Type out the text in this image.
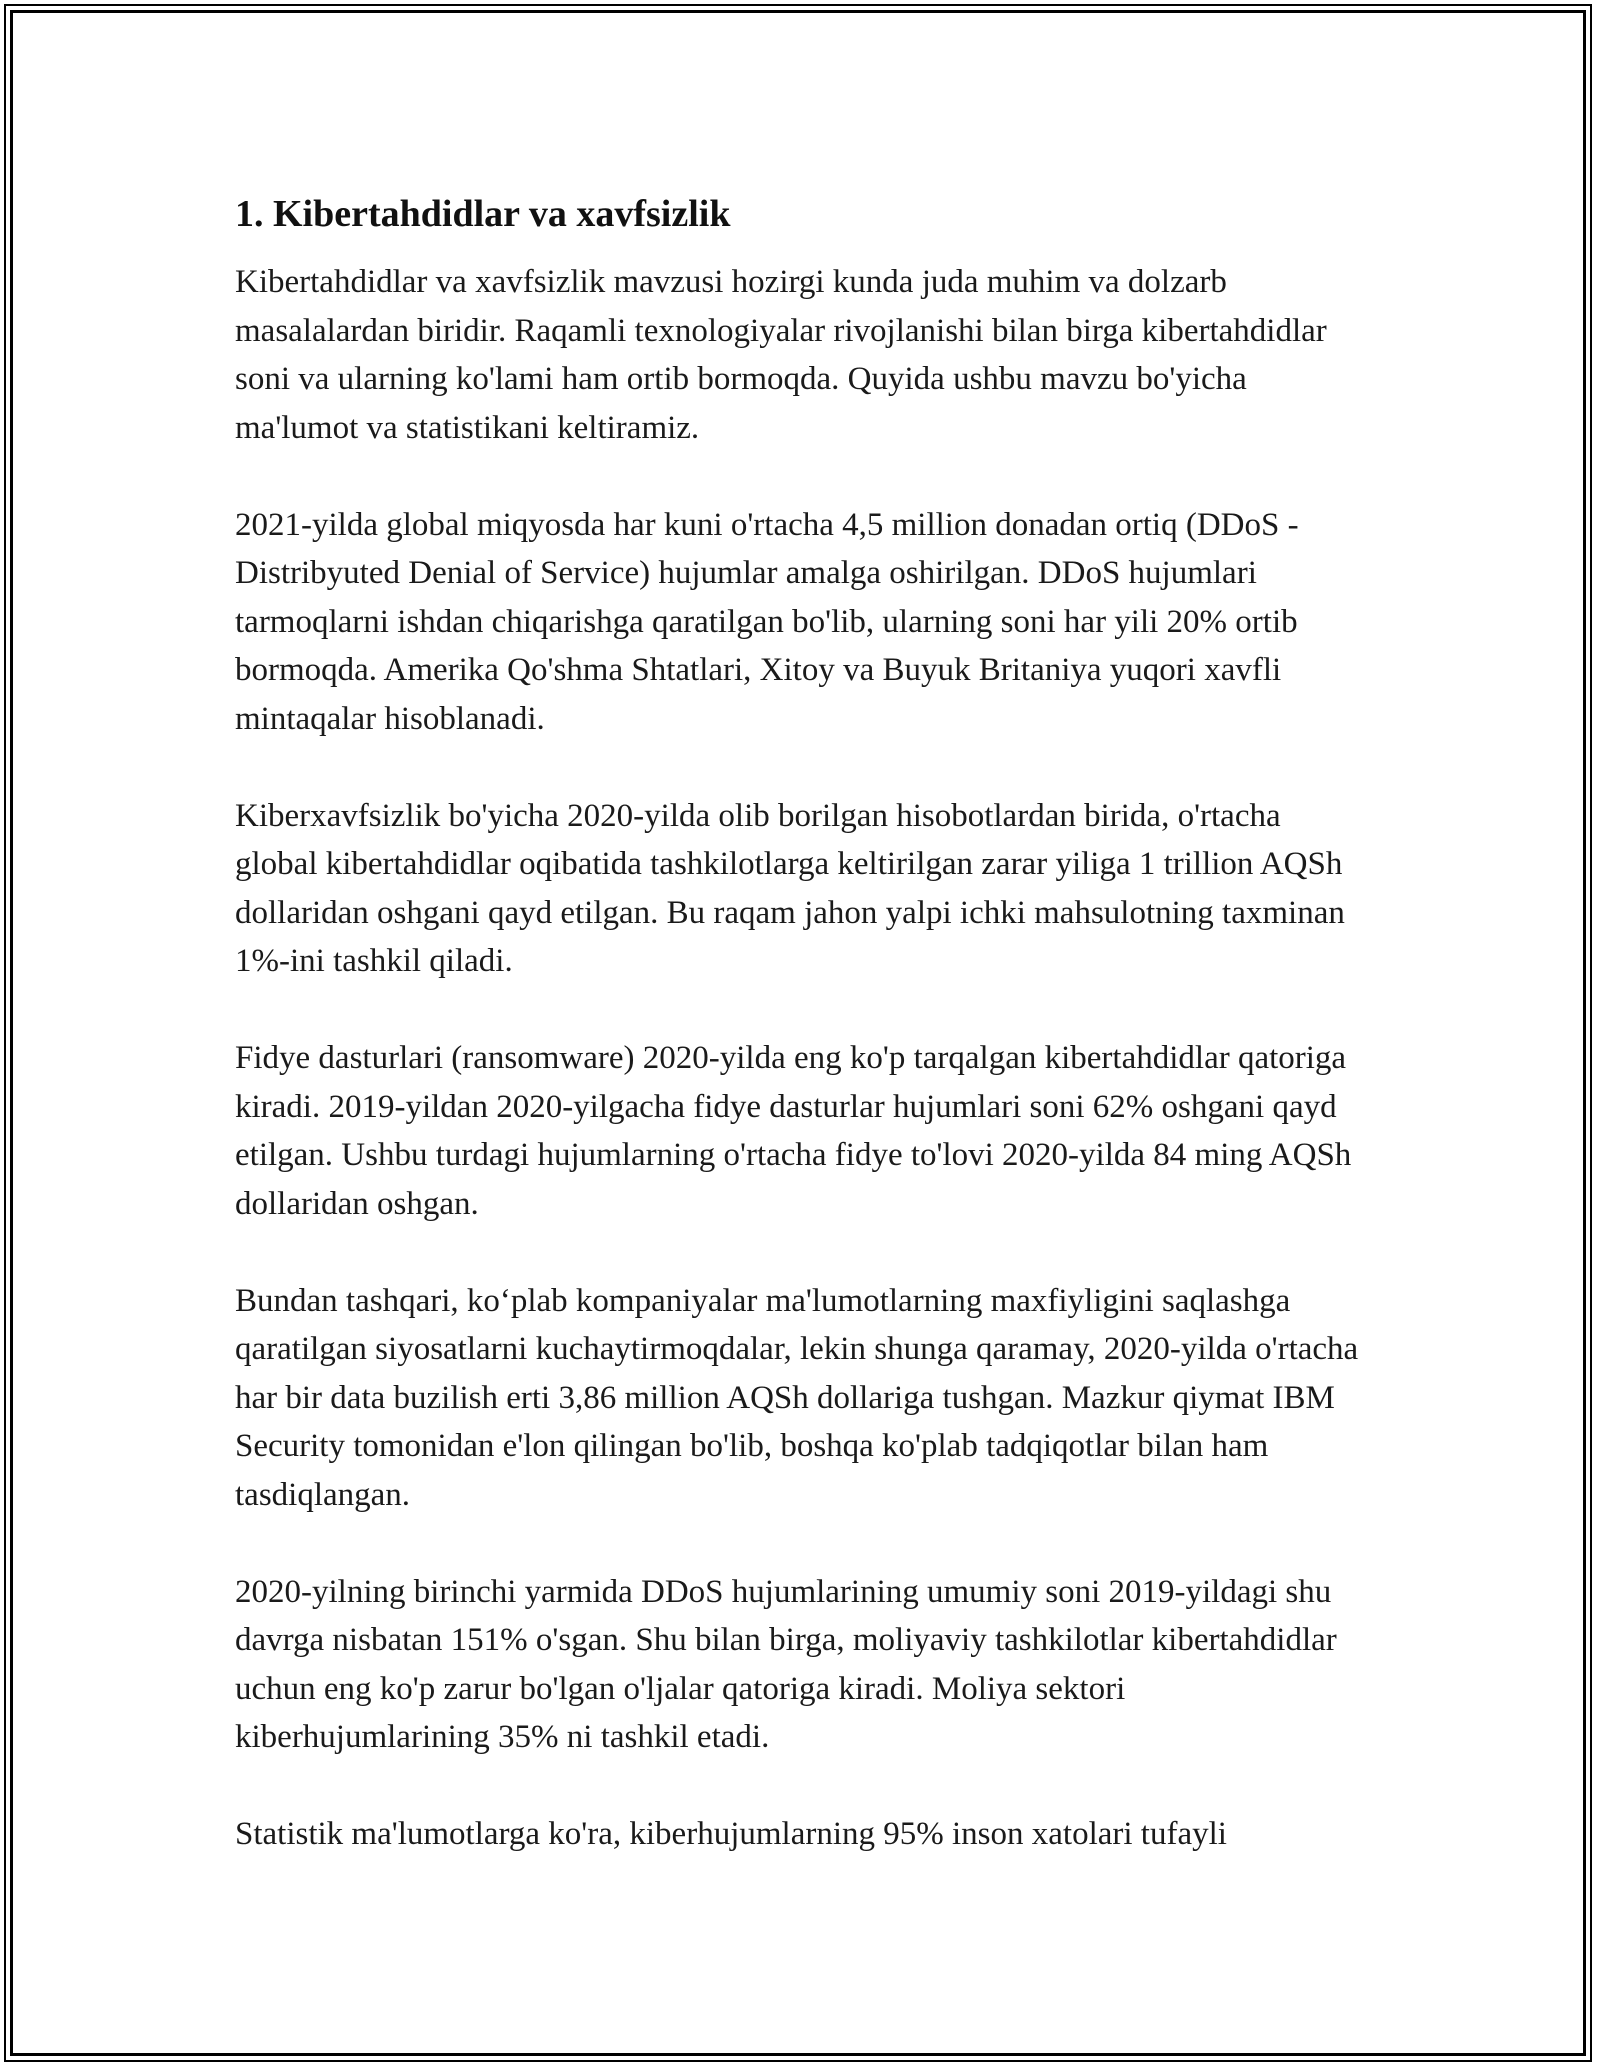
1. Kibertahdidlar va xavfsizlik

Kibertahdidlar va xavfsizlik mavzusi hozirgi kunda juda muhim va dolzarb masalalardan biridir. Raqamli texnologiyalar rivojlanishi bilan birga kibertahdidlar soni va ularning ko'lami ham ortib bormoqda. Quyida ushbu mavzu bo'yicha ma'lumot va statistikani keltiramiz.

2021-yilda global miqyosda har kuni o'rtacha 4,5 million donadan ortiq (DDoS - Distribyuted Denial of Service) hujumlar amalga oshirilgan. DDoS hujumlari tarmoqlarni ishdan chiqarishga qaratilgan bo'lib, ularning soni har yili 20% ortib bormoqda. Amerika Qo'shma Shtatlari, Xitoy va Buyuk Britaniya yuqori xavfli mintaqalar hisoblanadi.

Kiberxavfsizlik bo'yicha 2020-yilda olib borilgan hisobotlardan birida, o'rtacha global kibertahdidlar oqibatida tashkilotlarga keltirilgan zarar yiliga 1 trillion AQSh dollaridan oshgani qayd etilgan. Bu raqam jahon yalpi ichki mahsulotning taxminan 1%-ini tashkil qiladi.

Fidye dasturlari (ransomware) 2020-yilda eng ko'p tarqalgan kibertahdidlar qatoriga kiradi. 2019-yildan 2020-yilgacha fidye dasturlar hujumlari soni 62% oshgani qayd etilgan. Ushbu turdagi hujumlarning o'rtacha fidye to'lovi 2020-yilda 84 ming AQSh dollaridan oshgan.

Bundan tashqari, ko‘plab kompaniyalar ma'lumotlarning maxfiyligini saqlashga qaratilgan siyosatlarni kuchaytirmoqdalar, lekin shunga qaramay, 2020-yilda o'rtacha har bir data buzilish erti 3,86 million AQSh dollariga tushgan. Mazkur qiymat IBM Security tomonidan e'lon qilingan bo'lib, boshqa ko'plab tadqiqotlar bilan ham tasdiqlangan.

2020-yilning birinchi yarmida DDoS hujumlarining umumiy soni 2019-yildagi shu davrga nisbatan 151% o'sgan. Shu bilan birga, moliyaviy tashkilotlar kibertahdidlar uchun eng ko'p zarur bo'lgan o'ljalar qatoriga kiradi. Moliya sektori kiberhujumlarining 35% ni tashkil etadi.

Statistik ma'lumotlarga ko'ra, kiberhujumlarning 95% inson xatolari tufayli
